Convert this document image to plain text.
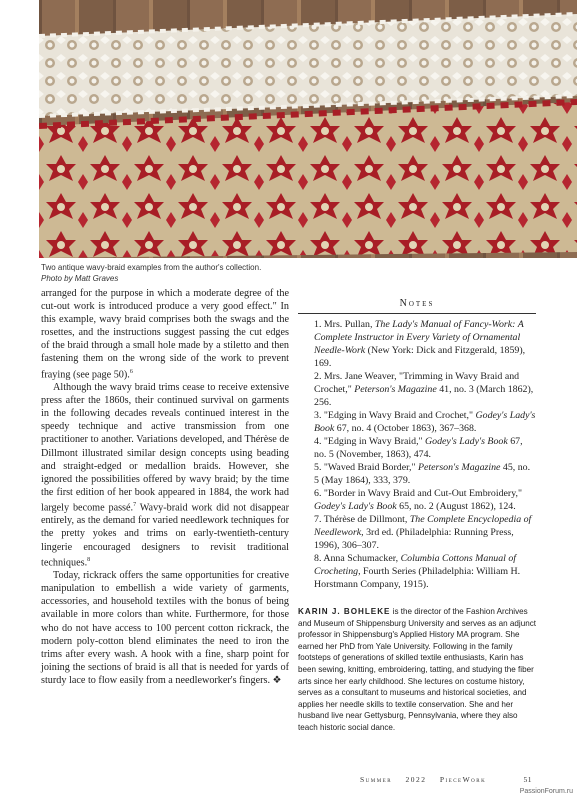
Two antique wavy-braid examples from the author's collection.
Photo by Matt Graves

arranged for the purpose in which a moderate degree of the cut-out work is introduced produce a very good effect." In this example, wavy braid comprises both the swags and the rosettes, and the instructions suggest passing the cut edges of the braid through a small hole made by a stiletto and then fastening them on the wrong side of the work to prevent fraying (see page 50).$^6$

Although the wavy braid trims cease to receive extensive press after the 1860s, their continued survival on garments in the following decades reveals continued interest in the speedy technique and active transmission from one practitioner to another. Variations developed, and Thérèse de Dillmont illustrated similar design concepts using beading and straight-edged or medallion braids. However, she ignored the possibilities offered by wavy braid; by the time the first edition of her book appeared in 1884, the work had largely become passé.$^7$ Wavy-braid work did not disappear entirely, as the demand for varied needlework techniques for the pretty yokes and trims on early-twentieth-century lingerie encouraged designers to revisit traditional techniques.$^8$

Today, rickrack offers the same opportunities for creative manipulation to embellish a wide variety of garments, accessories, and household textiles with the bonus of being available in more colors than white. Furthermore, for those who do not have access to 100 percent cotton rickrack, the modern poly-cotton blend eliminates the need to iron the trims after every wash. A hook with a fine, sharp point for joining the sections of braid is all that is needed for yards of sturdy lace to flow easily from a needleworker's fingers. ❖

Notes
1. Mrs. Pullan, The Lady's Manual of Fancy-Work: A Complete Instructor in Every Variety of Ornamental Needle-Work (New York: Dick and Fitzgerald, 1859), 169.
2. Mrs. Jane Weaver, "Trimming in Wavy Braid and Crochet," Peterson's Magazine 41, no. 3 (March 1862), 256.
3. "Edging in Wavy Braid and Crochet," Godey's Lady's Book 67, no. 4 (October 1863), 367–368.
4. "Edging in Wavy Braid," Godey's Lady's Book 67, no. 5 (November, 1863), 474.
5. "Waved Braid Border," Peterson's Magazine 45, no. 5 (May 1864), 333, 379.
6. "Border in Wavy Braid and Cut-Out Embroidery," Godey's Lady's Book 65, no. 2 (August 1862), 124.
7. Thérèse de Dillmont, The Complete Encyclopedia of Needlework, 3rd ed. (Philadelphia: Running Press, 1996), 306–307.
8. Anna Schumacker, Columbia Cottons Manual of Crocheting, Fourth Series (Philadelphia: William H. Horstmann Company, 1915).
KARIN J. BOHLEKE is the director of the Fashion Archives and Museum of Shippensburg University and serves as an adjunct professor in Shippensburg's Applied History MA program. She earned her PhD from Yale University. Following in the family footsteps of generations of skilled textile enthusiasts, Karin has been sewing, knitting, embroidering, tatting, and studying the fiber arts since her early childhood. She lectures on costume history, serves as a consultant to museums and historical societies, and applies her needle skills to textile conservation. She and her husband live near Gettysburg, Pennsylvania, where they also teach historic social dance.
Summer 2022 PieceWork	51
PassionForum.ru
